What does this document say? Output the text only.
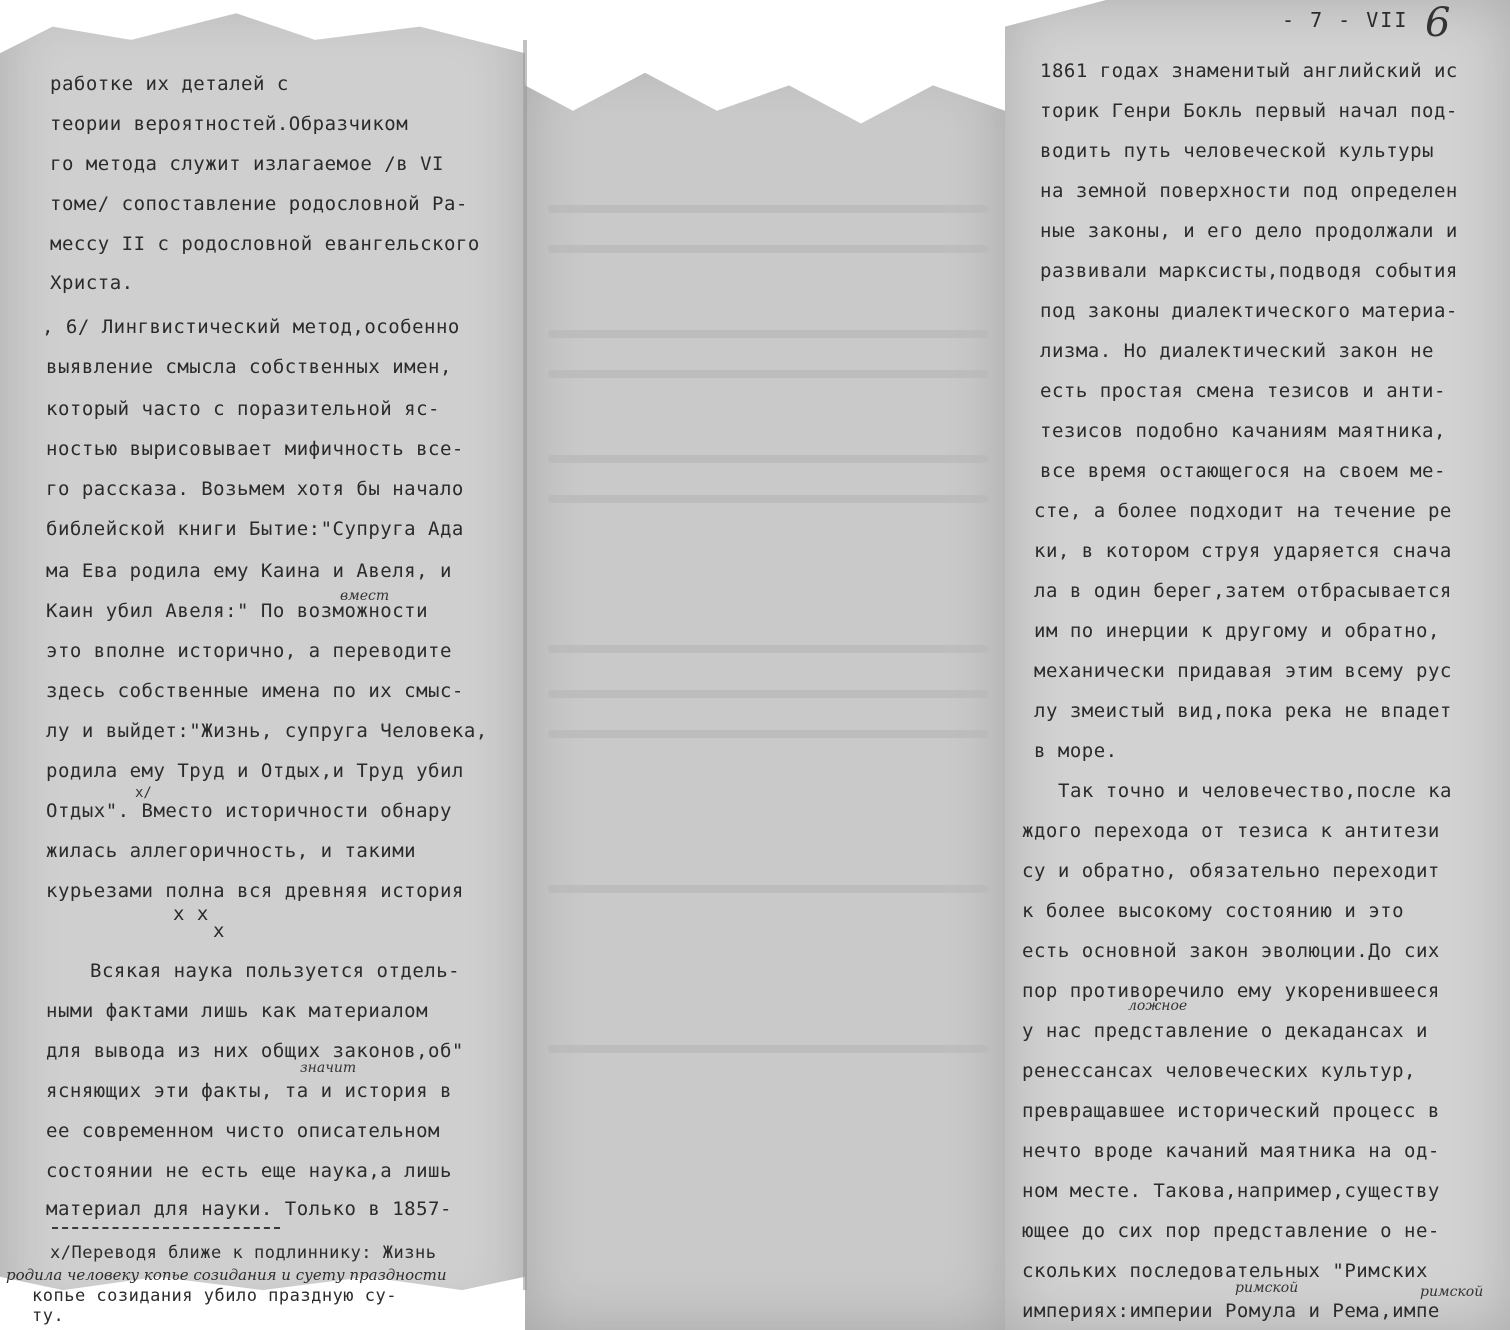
- 7 - VII 6
работке их деталей с
теории вероятностей.Образчиком
го метода служит излагаемое /в VI
томе/ сопоставление родословной Ра-
мессу II с родословной евангельского
Христа.
, 6/ Лингвистический метод,особенно
выявление смысла собственных имен,
который часто с поразительной яс-
ностью вырисовывает мифичность все-
го рассказа. Возьмем хотя бы начало
библейской книги Бытие:"Супруга Ада
ма Ева родила ему Каина и Авеля, и
Каин убил Авеля:" По возможности
это вполне исторично, а переводите
здесь собственные имена по их смыс-
лу и выйдет:"Жизнь, супруга Человека,
родила ему Труд и Отдых,и Труд убил
Отдых". Вместо историчности обнару
жилась аллегоричность, и такими
курьезами полна вся древняя история
x x
x
Всякая наука пользуется отдель-
ными фактами лишь как материалом
для вывода из них общих законов,об"
ясняющих эти факты, та и история в
ее современном чисто описательном
состоянии не есть еще наука,а лишь
материал для науки. Только в 1857-
x/Переводя ближе к подлиннику: Жизнь
родила человеку копье созидания и суету праздности
копье созидания убило праздную су-
ту.
вмест
значит
x/
1861 годах знаменитый английский ис
торик Генри Бокль первый начал под-
водить путь человеческой культуры
на земной поверхности под определен
ные законы, и его дело продолжали и
развивали марксисты,подводя события
под законы диалектического материа-
лизма. Но диалектический закон не
есть простая смена тезисов и анти-
тезисов подобно качаниям маятника,
все время остающегося на своем ме-
сте, а более подходит на течение ре
ки, в котором струя ударяется снача
ла в один берег,затем отбрасывается
им по инерции к другому и обратно,
механически придавая этим всему рус
лу змеистый вид,пока река не впадет
в море.
Так точно и человечество,после ка
ждого перехода от тезиса к антитези
су и обратно, обязательно переходит
к более высокому состоянию и это
есть основной закон эволюции.До сих
пор противоречило ему укоренившееся
у нас представление о декадансах и
ренессансах человеческих культур,
превращавшее исторический процесс в
нечто вроде качаний маятника на од-
ном месте. Такова,например,существу
ющее до сих пор представление о не-
скольких последовательных "Римских
империях:империи Ромула и Рема,импе
ложное
римской	римской
